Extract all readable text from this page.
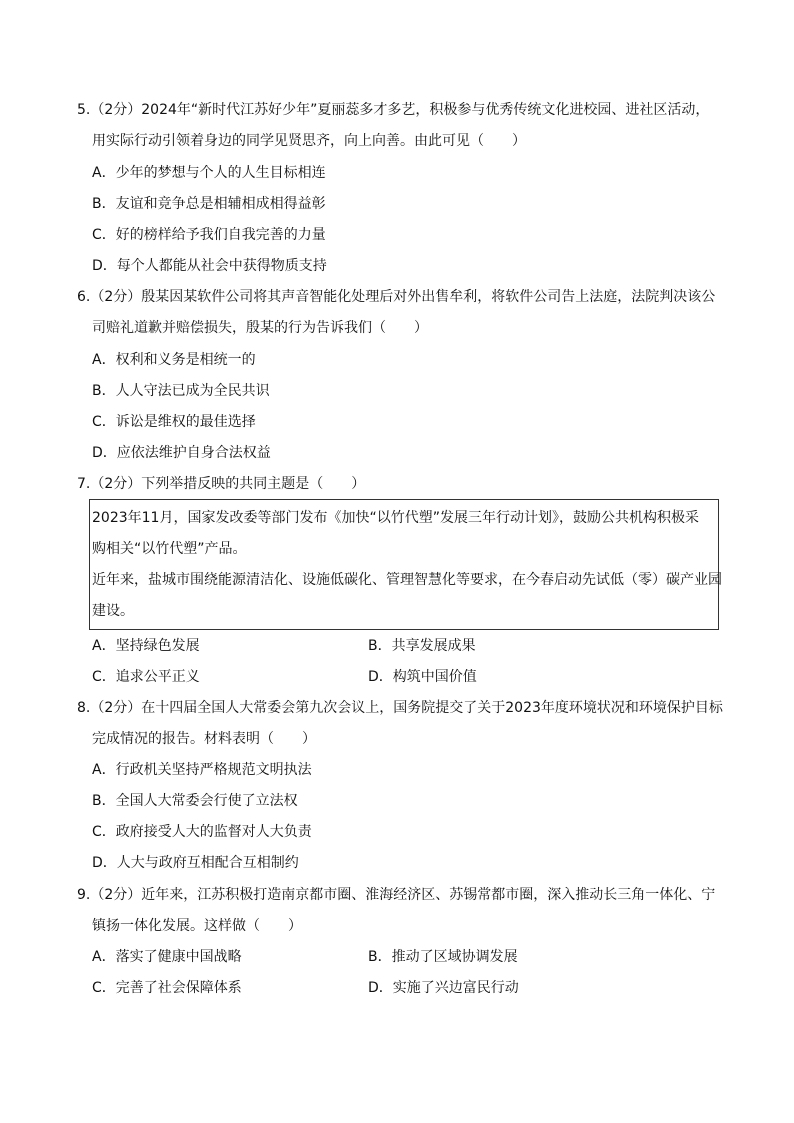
5.（2分）2024年“新时代江苏好少年”夏丽蕊多才多艺，积极参与优秀传统文化进校园、进社区活动，
用实际行动引领着身边的同学见贤思齐，向上向善。由此可见（　　）
A．少年的梦想与个人的人生目标相连
B．友谊和竞争总是相辅相成相得益彰
C．好的榜样给予我们自我完善的力量
D．每个人都能从社会中获得物质支持
6.（2分）殷某因某软件公司将其声音智能化处理后对外出售牟利，将软件公司告上法庭，法院判决该公
司赔礼道歉并赔偿损失，殷某的行为告诉我们（　　）
A．权利和义务是相统一的
B．人人守法已成为全民共识
C．诉讼是维权的最佳选择
D．应依法维护自身合法权益
7.（2分）下列举措反映的共同主题是（　　）
2023年11月，国家发改委等部门发布《加快“以竹代塑”发展三年行动计划》，鼓励公共机构积极采
购相关“以竹代塑”产品。
近年来，盐城市围绕能源清洁化、设施低碳化、管理智慧化等要求，在今春启动先试低（零）碳产业园
建设。
A．坚持绿色发展	B．共享发展成果
C．追求公平正义	D．构筑中国价值
8.（2分）在十四届全国人大常委会第九次会议上，国务院提交了关于2023年度环境状况和环境保护目标
完成情况的报告。材料表明（　　）
A．行政机关坚持严格规范文明执法
B．全国人大常委会行使了立法权
C．政府接受人大的监督对人大负责
D．人大与政府互相配合互相制约
9.（2分）近年来，江苏积极打造南京都市圈、淮海经济区、苏锡常都市圈，深入推动长三角一体化、宁
镇扬一体化发展。这样做（　　）
A．落实了健康中国战略	B．推动了区域协调发展
C．完善了社会保障体系	D．实施了兴边富民行动
